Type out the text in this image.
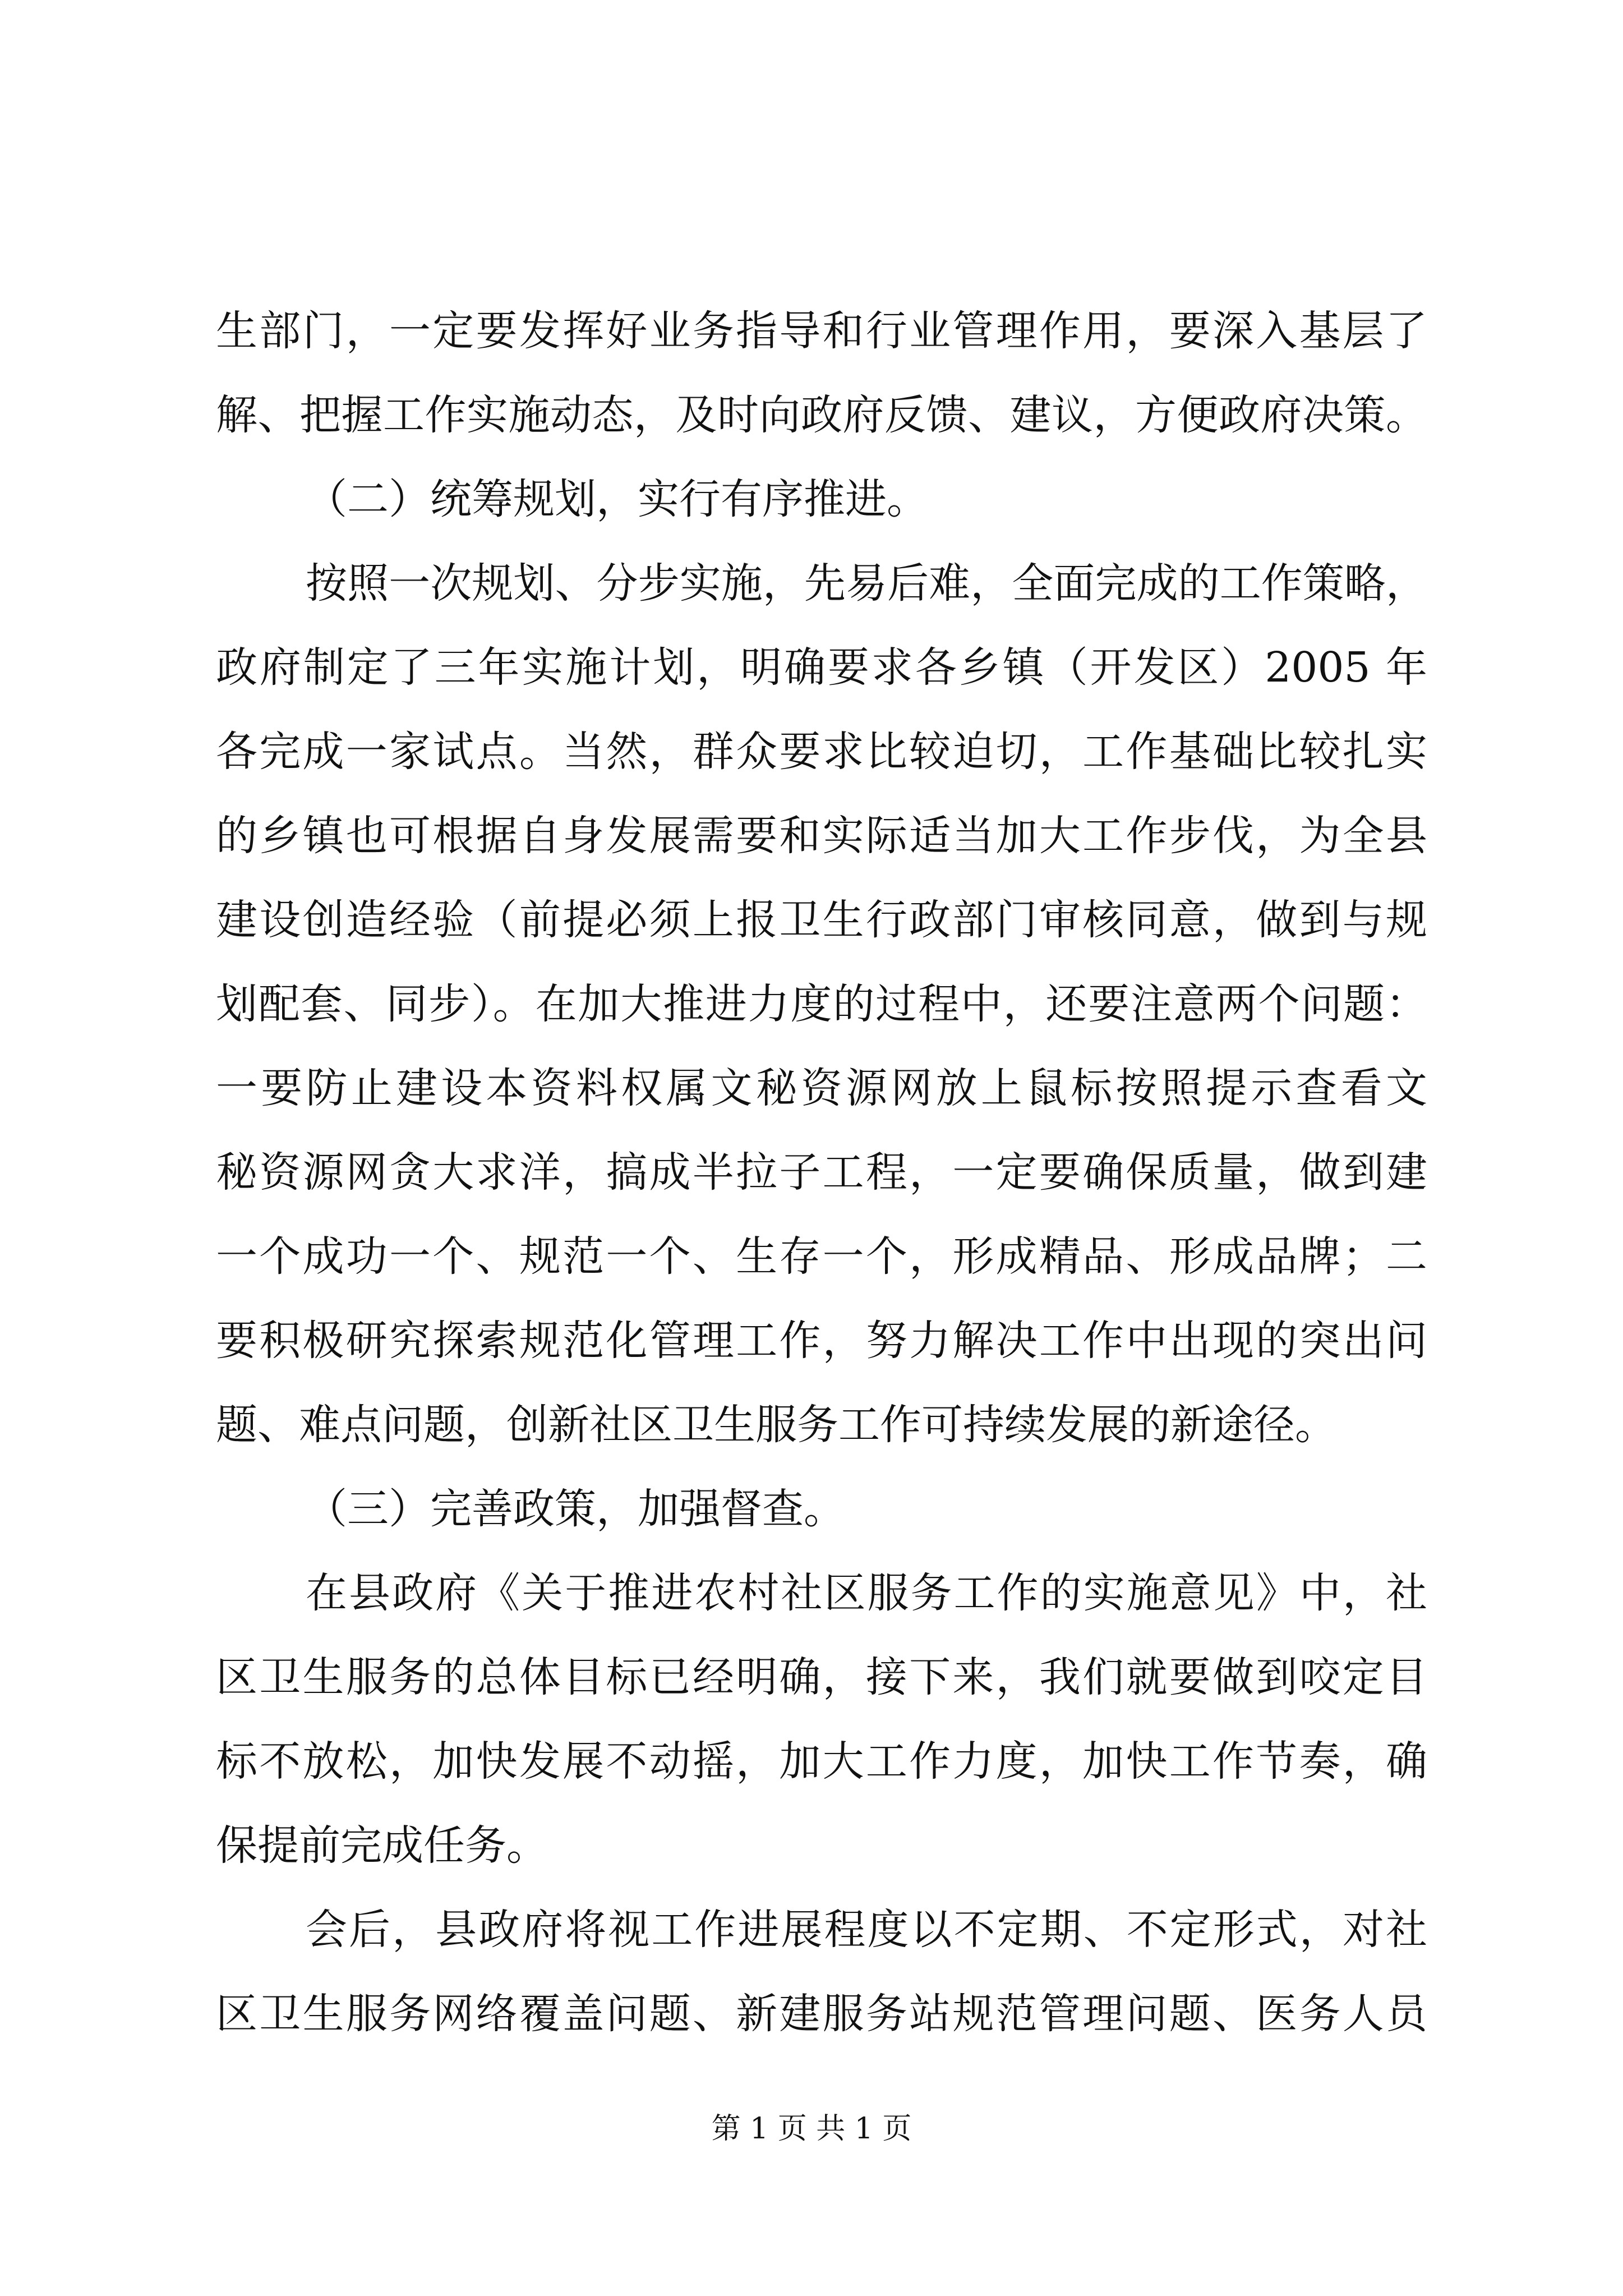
生部门，一定要发挥好业务指导和行业管理作用，要深入基层了
解、把握工作实施动态，及时向政府反馈、建议，方便政府决策。
（二）统筹规划，实行有序推进。
按照一次规划、分步实施，先易后难，全面完成的工作策略，
政府制定了三年实施计划，明确要求各乡镇（开发区）2005 年
各完成一家试点。当然，群众要求比较迫切，工作基础比较扎实
的乡镇也可根据自身发展需要和实际适当加大工作步伐，为全县
建设创造经验（前提必须上报卫生行政部门审核同意，做到与规
划配套、同步）。在加大推进力度的过程中，还要注意两个问题：
一要防止建设本资料权属文秘资源网放上鼠标按照提示查看文
秘资源网贪大求洋，搞成半拉子工程，一定要确保质量，做到建
一个成功一个、规范一个、生存一个，形成精品、形成品牌；二
要积极研究探索规范化管理工作，努力解决工作中出现的突出问
题、难点问题，创新社区卫生服务工作可持续发展的新途径。
（三）完善政策，加强督查。
在县政府《关于推进农村社区服务工作的实施意见》中，社
区卫生服务的总体目标已经明确，接下来，我们就要做到咬定目
标不放松，加快发展不动摇，加大工作力度，加快工作节奏，确
保提前完成任务。
会后，县政府将视工作进展程度以不定期、不定形式，对社
区卫生服务网络覆盖问题、新建服务站规范管理问题、医务人员
第 1 页 共 1 页
